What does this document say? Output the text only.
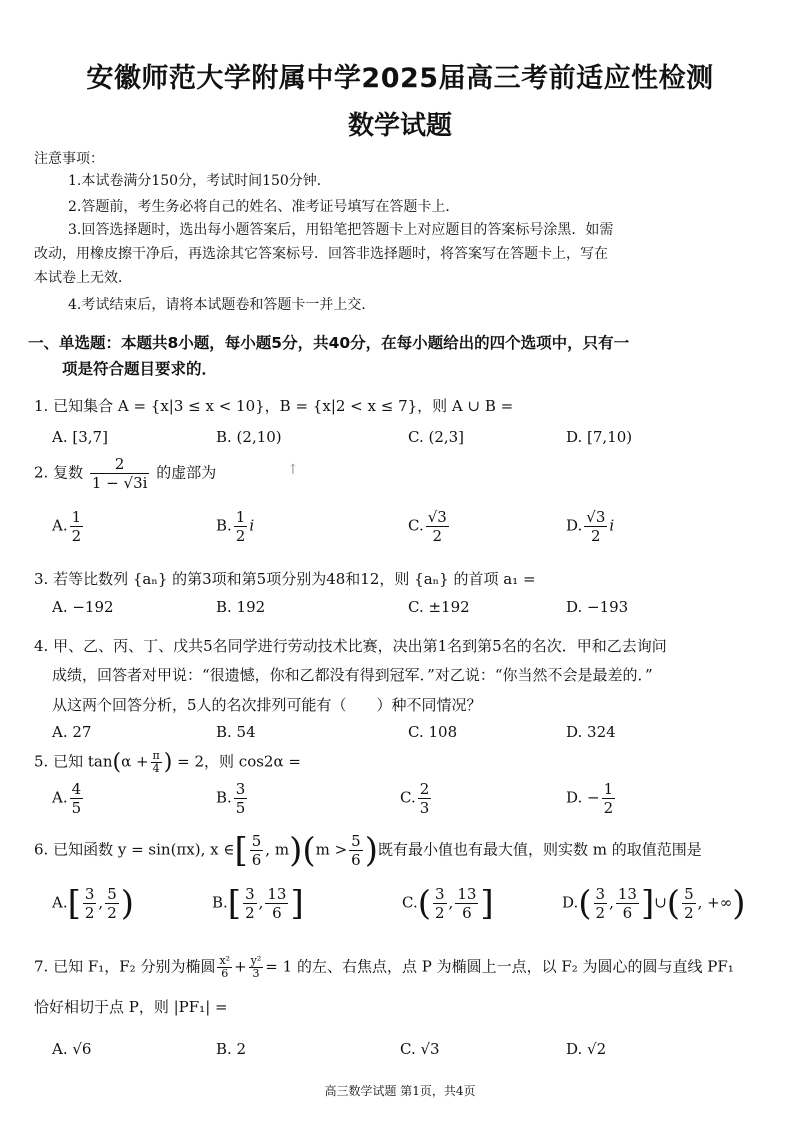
安徽师范大学附属中学2025届高三考前适应性检测
数学试题
注意事项：
1.本试卷满分150分，考试时间150分钟．
2.答题前，考生务必将自己的姓名、准考证号填写在答题卡上．
3.回答选择题时，选出每小题答案后，用铅笔把答题卡上对应题目的答案标号涂黑．如需
改动，用橡皮擦干净后，再选涂其它答案标号．回答非选择题时，将答案写在答题卡上，写在
本试卷上无效．
4.考试结束后，请将本试题卷和答题卡一并上交．
一、单选题：本题共8小题，每小题5分，共40分，在每小题给出的四个选项中，只有一
项是符合题目要求的．
1. 已知集合 A = {x|3 ≤ x < 10}，B = {x|2 < x ≤ 7}，则 A ∪ B =
A. [3,7]	B. (2,10)	C. (2,3]	D. [7,10)
2. 复数 $\frac{2}{1 - √3i}$ 的虚部为	↑
A. $\frac{1}{2}$	B. $\frac{1}{2}$ i	C. $\frac{√3}{2}$	D. $\frac{√3}{2}$ i
3. 若等比数列 {aₙ} 的第3项和第5项分别为48和12，则 {aₙ} 的首项 a₁ =
A. −192	B. 192	C. ±192	D. −193
4. 甲、乙、丙、丁、戊共5名同学进行劳动技术比赛，决出第1名到第5名的名次．甲和乙去询问
成绩，回答者对甲说：“很遗憾，你和乙都没有得到冠军．”对乙说：“你当然不会是最差的．”
从这两个回答分析，5人的名次排列可能有（　　）种不同情况？
A. 27	B. 54	C. 108	D. 324
5. 已知 $\tan(\alpha + \frac{\pi}{4}$ ) = 2，则 cos2α =
A. $\frac{4}{5}$	B. $\frac{3}{5}$	C. $\frac{2}{3}$	D. − $\frac{1}{2}$
6. 已知函数 y = sin(πx), x ∈[ $\frac{5}{6}$ , $m)(m > \frac{5}{6}$ )既有最小值也有最大值，则实数 m 的取值范围是
$A.[ \frac{3}{2}$ , $\frac{5}{2}$ )	$B.[ \frac{3}{2}$ , $\frac{13}{6}$ ]	$C.( \frac{3}{2}$ , $\frac{13}{6}$ ]	$D.( \frac{3}{2}$ , $\frac{13}{6}$ ]∪( $\frac{5}{2}$ , +∞)
7. 已知 F₁，F₂ 分别为椭圆 $\frac{\text{x²}}{6} + \frac{\text{y²}}{3} = 1$ 的左、右焦点，点 P 为椭圆上一点，以 F₂ 为圆心的圆与直线 PF₁
恰好相切于点 P，则 |PF₁| =
A. √6	B. 2	C. √3	D. √2
高三数学试题 第1页，共4页
